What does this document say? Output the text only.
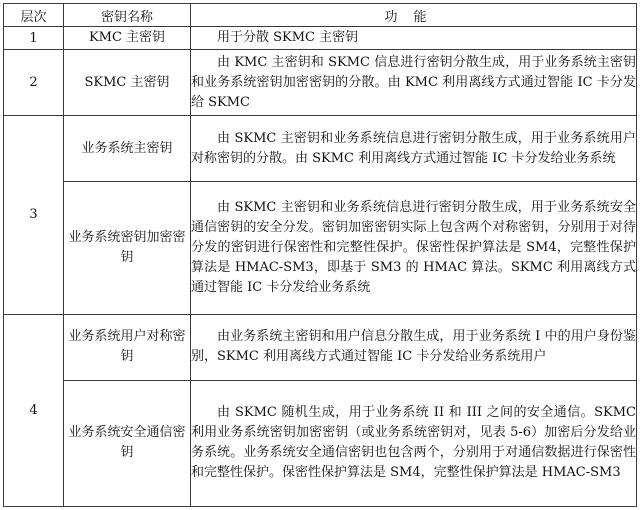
层次	密钥名称	功能
1	KMC 主密钥	用于分散 SKMC 主密钥

2	SKMC 主密钥	由 KMC 主密钥和 SKMC 信息进行密钥分散生成，用于业务系统主密钥和业务系统密钥加密密钥的分散。由 KMC 利用离线方式通过智能 IC 卡分发给 SKMC

3	业务系统主密钥	由 SKMC 主密钥和业务系统信息进行密钥分散生成，用于业务系统用户对称密钥的分散。由 SKMC 利用离线方式通过智能 IC 卡分发给业务系统

	业务系统密钥加密密钥	由 SKMC 主密钥和业务系统信息进行密钥分散生成，用于业务系统安全通信密钥的安全分发。密钥加密密钥实际上包含两个对称密钥，分别用于对待分发的密钥进行保密性和完整性保护。保密性保护算法是 SM4，完整性保护算法是 HMAC-SM3，即基于 SM3 的 HMAC 算法。SKMC 利用离线方式通过智能 IC 卡分发给业务系统

4	业务系统用户对称密钥	由业务系统主密钥和用户信息分散生成，用于业务系统 I 中的用户身份鉴别，SKMC 利用离线方式通过智能 IC 卡分发给业务系统用户

	业务系统安全通信密钥	由 SKMC 随机生成，用于业务系统 II 和 III 之间的安全通信。SKMC 利用业务系统密钥加密密钥（或业务系统密钥对，见表 5-6）加密后分发给业务系统。业务系统安全通信密钥也包含两个，分别用于对通信数据进行保密性和完整性保护。保密性保护算法是 SM4，完整性保护算法是 HMAC-SM3
